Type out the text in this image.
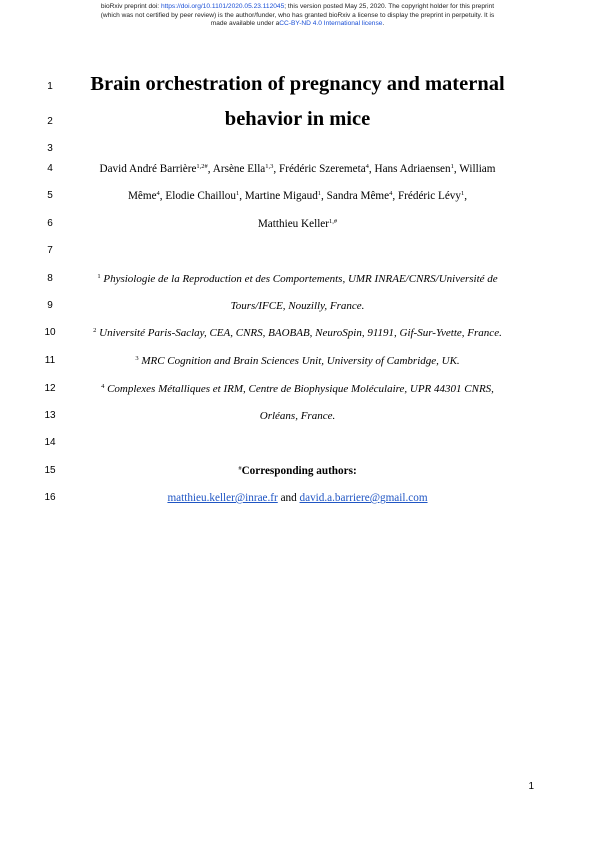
bioRxiv preprint doi: https://doi.org/10.1101/2020.05.23.112045; this version posted May 25, 2020. The copyright holder for this preprint
(which was not certified by peer review) is the author/funder, who has granted bioRxiv a license to display the preprint in perpetuity. It is
made available under aCC-BY-ND 4.0 International license.
1
2
3
4
5
6
7
8
9
10
11
12
13
14
15
16
Brain orchestration of pregnancy and maternal
behavior in mice
David André Barrière$^{1,2\#}$, Arsène Ella$^{1,3}$, Frédéric Szeremeta$^4$, Hans Adriaensen$^1$, William
Même$^4$, Elodie Chaillou$^1$, Martine Migaud$^1$, Sandra Même$^4$, Frédéric Lévy$^1$,
Matthieu Keller$^{1,\#}$
$^1$ Physiologie de la Reproduction et des Comportements, UMR INRAE/CNRS/Université de
Tours/IFCE, Nouzilly, France.
$^2$ Université Paris-Saclay, CEA, CNRS, BAOBAB, NeuroSpin, 91191, Gif-Sur-Yvette, France.
$^3$ MRC Cognition and Brain Sciences Unit, University of Cambridge, UK.
$^4$ Complexes Métalliques et IRM, Centre de Biophysique Moléculaire, UPR 44301 CNRS,
Orléans, France.
#Corresponding authors:
matthieu.keller@inrae.fr and david.a.barriere@gmail.com
1
